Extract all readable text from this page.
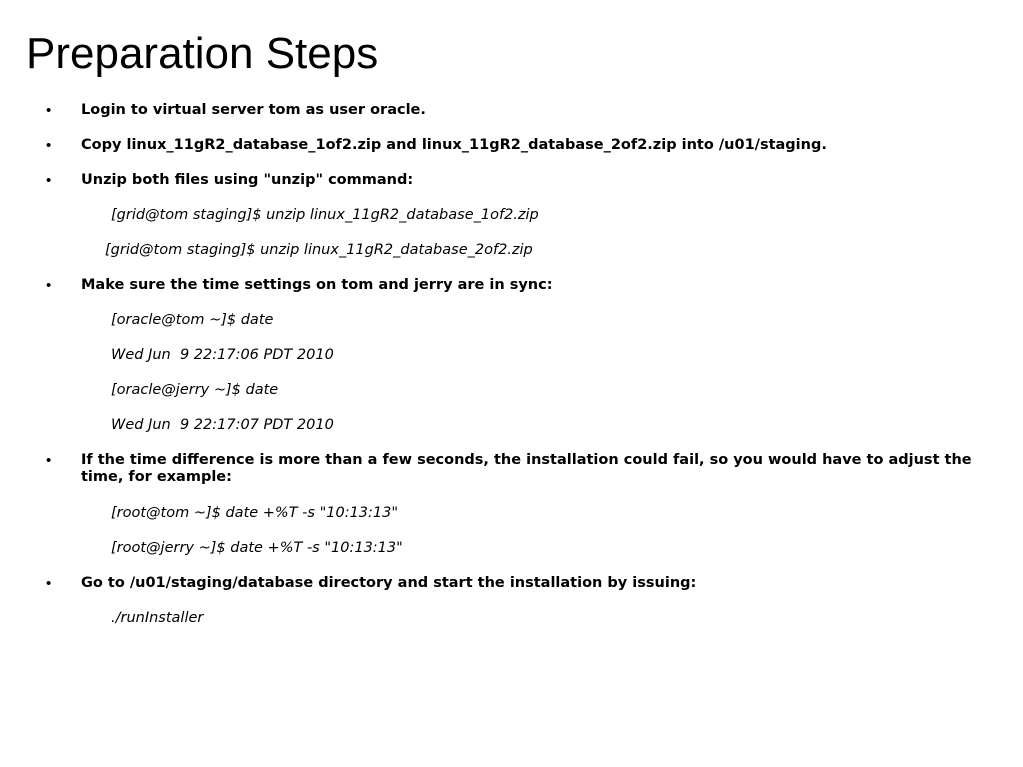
Preparation Steps
• Login to virtual server tom as user oracle.
• Copy linux_11gR2_database_1of2.zip and linux_11gR2_database_2of2.zip into /u01/staging.
• Unzip both files using "unzip" command:
[grid@tom staging]$ unzip linux_11gR2_database_1of2.zip
[grid@tom staging]$ unzip linux_11gR2_database_2of2.zip
• Make sure the time settings on tom and jerry are in sync:
[oracle@tom ~]$ date
Wed Jun  9 22:17:06 PDT 2010
[oracle@jerry ~]$ date
Wed Jun  9 22:17:07 PDT 2010
• If the time difference is more than a few seconds, the installation could fail, so you would have to adjust the time, for example:
[root@tom ~]$ date +%T -s "10:13:13"
[root@jerry ~]$ date +%T -s "10:13:13"
• Go to /u01/staging/database directory and start the installation by issuing:
./runInstaller
